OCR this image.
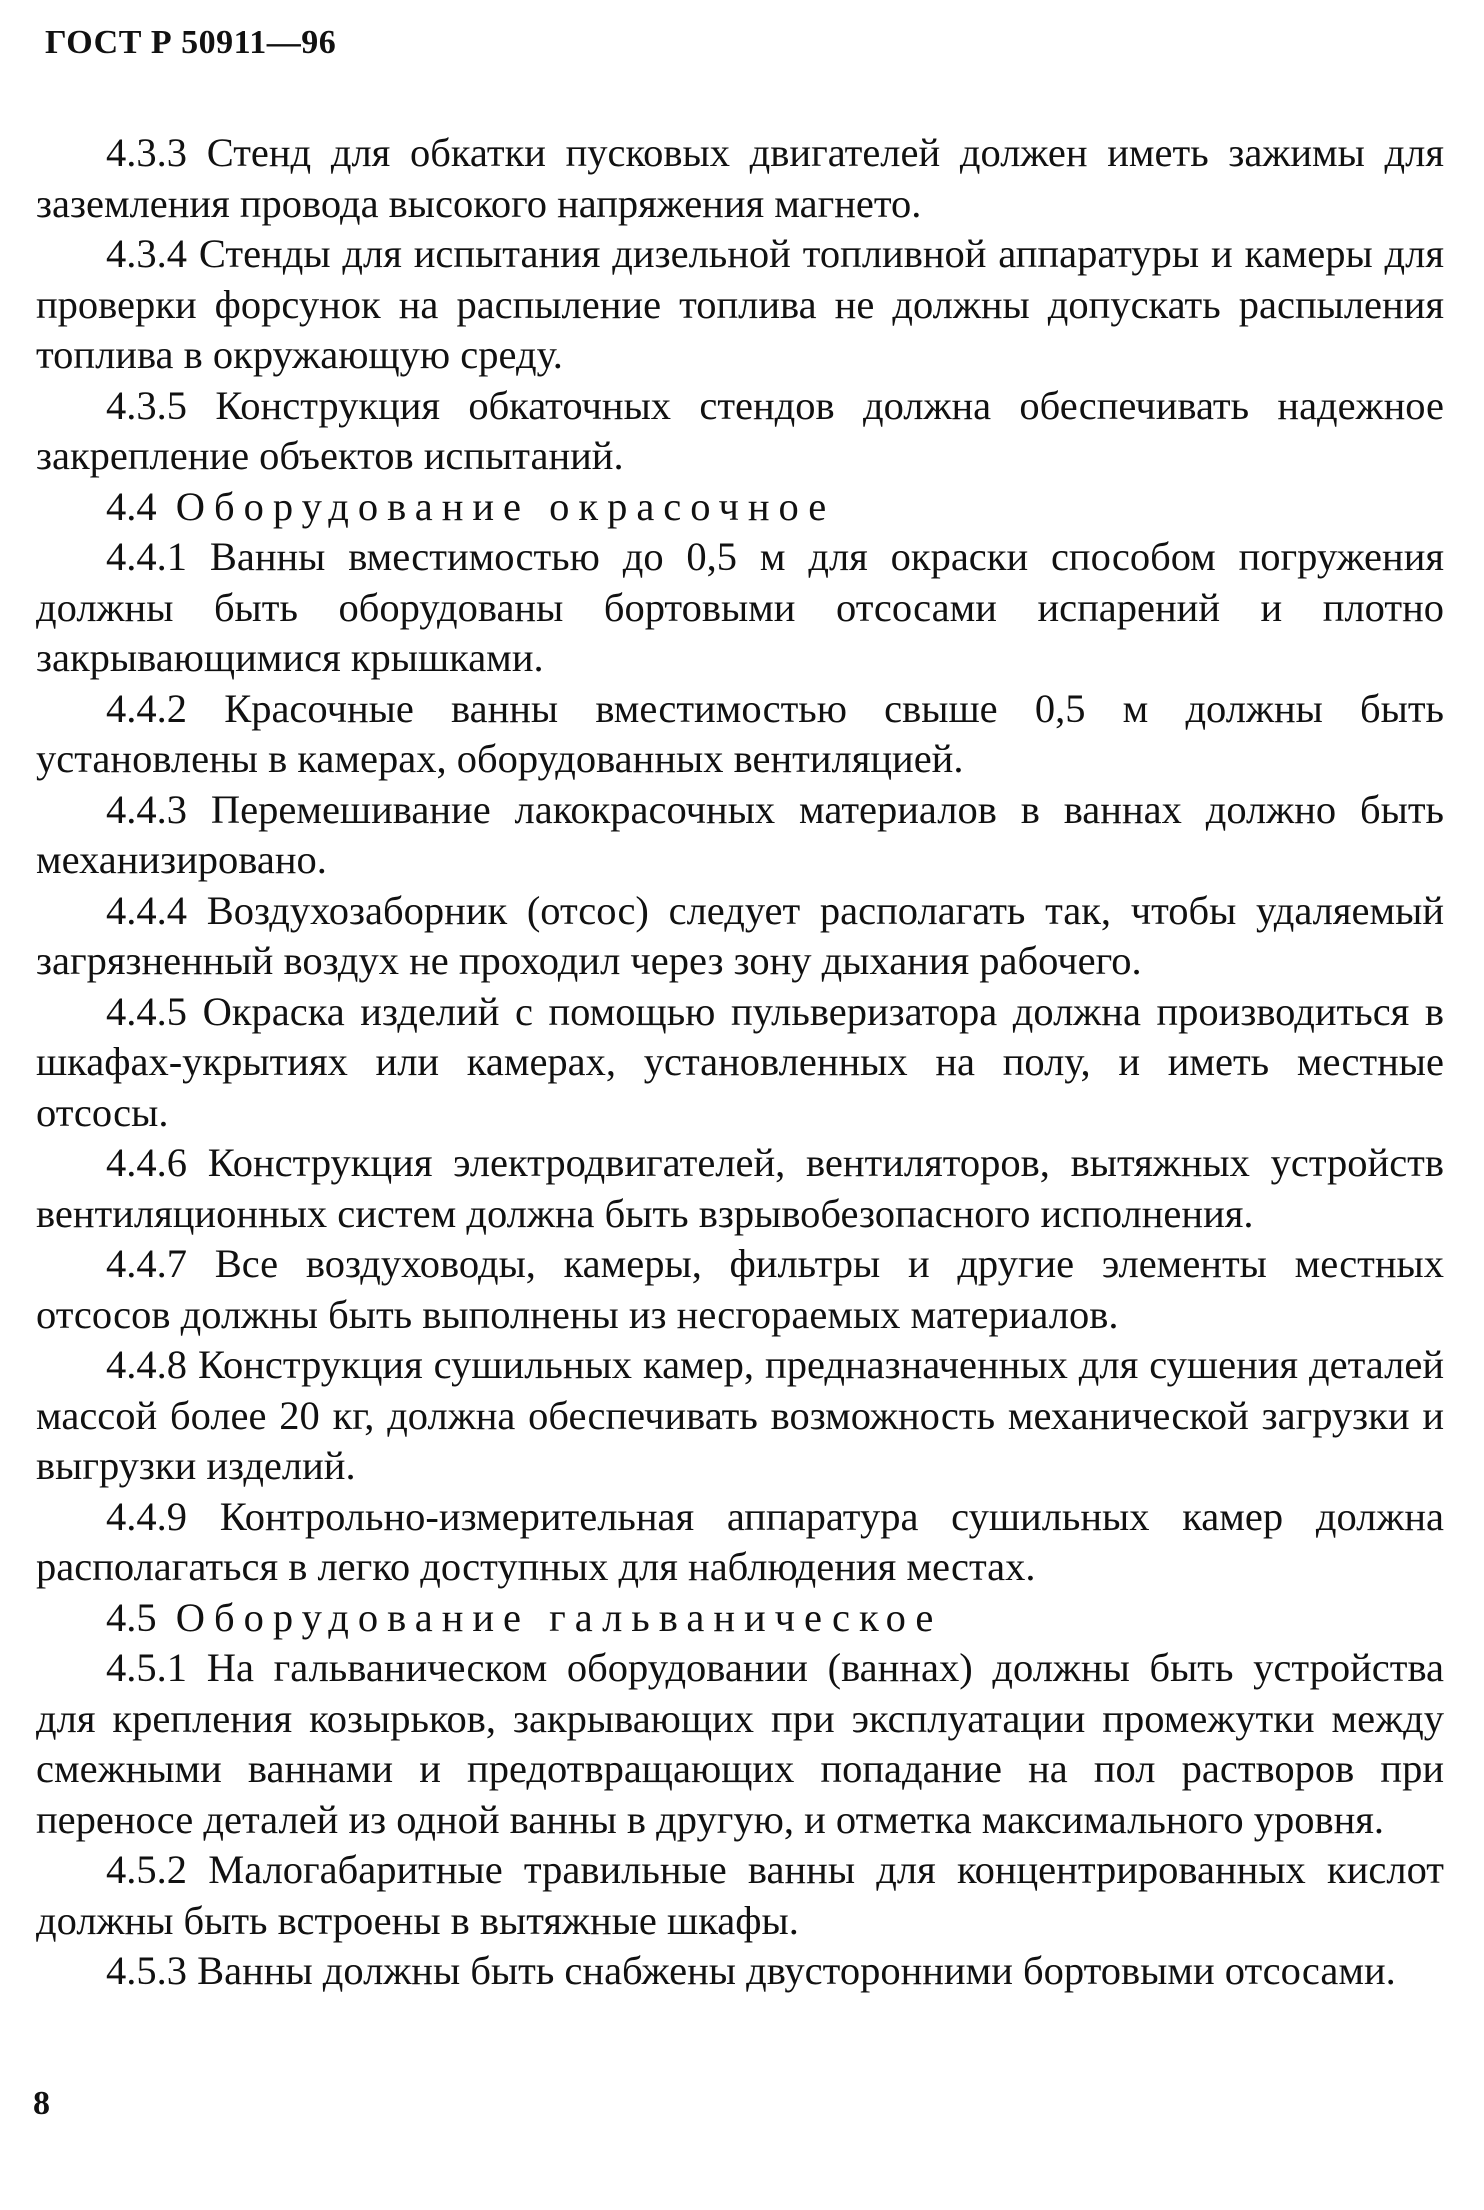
ГОСТ Р 50911—96

4.3.3 Стенд для обкатки пусковых двигателей должен иметь зажимы для заземления провода высокого напряжения магнето.

4.3.4 Стенды для испытания дизельной топливной аппаратуры и камеры для проверки форсунок на распыление топлива не должны допускать распыления топлива в окружающую среду.

4.3.5 Конструкция обкаточных стендов должна обеспечивать надежное закрепление объектов испытаний.

4.4 Оборудование окрасочное

4.4.1 Ванны вместимостью до 0,5 м для окраски способом погружения должны быть оборудованы бортовыми отсосами испарений и плотно закрывающимися крышками.

4.4.2 Красочные ванны вместимостью свыше 0,5 м должны быть установлены в камерах, оборудованных вентиляцией.

4.4.3 Перемешивание лакокрасочных материалов в ваннах должно быть механизировано.

4.4.4 Воздухозаборник (отсос) следует располагать так, чтобы удаляемый загрязненный воздух не проходил через зону дыхания рабочего.

4.4.5 Окраска изделий с помощью пульверизатора должна производиться в шкафах-укрытиях или камерах, установленных на полу, и иметь местные отсосы.

4.4.6 Конструкция электродвигателей, вентиляторов, вытяжных устройств вентиляционных систем должна быть взрывобезопасного исполнения.

4.4.7 Все воздуховоды, камеры, фильтры и другие элементы местных отсосов должны быть выполнены из несгораемых материалов.

4.4.8 Конструкция сушильных камер, предназначенных для сушения деталей массой более 20 кг, должна обеспечивать возможность механической загрузки и выгрузки изделий.

4.4.9 Контрольно-измерительная аппаратура сушильных камер должна располагаться в легко доступных для наблюдения местах.

4.5 Оборудование гальваническое

4.5.1 На гальваническом оборудовании (ваннах) должны быть устройства для крепления козырьков, закрывающих при эксплуатации промежутки между смежными ваннами и предотвращающих попадание на пол растворов при переносе деталей из одной ванны в другую, и отметка максимального уровня.

4.5.2 Малогабаритные травильные ванны для концентрированных кислот должны быть встроены в вытяжные шкафы.

4.5.3 Ванны должны быть снабжены двусторонними бортовыми отсосами.

8
